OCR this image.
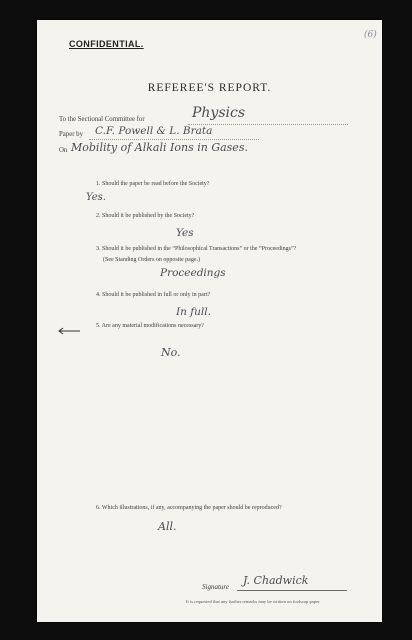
(6)
CONFIDENTIAL.
REFEREE'S REPORT.
To the Sectional Committee for	Physics
Paper by C.F. Powell & L. Brata
On Mobility of Alkali Ions in Gases.
1. Should the paper be read before the Society?
Yes.
2. Should it be published by the Society?
Yes
3. Should it be published in the “Philosophical Transactions” or the “Proceedings”?
(See Standing Orders on opposite page.)
Proceedings
4. Should it be published in full or only in part?
In full.
5. Are any material modifications necessary?
No.
6. Which illustrations, if any, accompanying the paper should be reproduced?
All.
Signature J. Chadwick
It is requested that any further remarks may be written on foolscap paper.
